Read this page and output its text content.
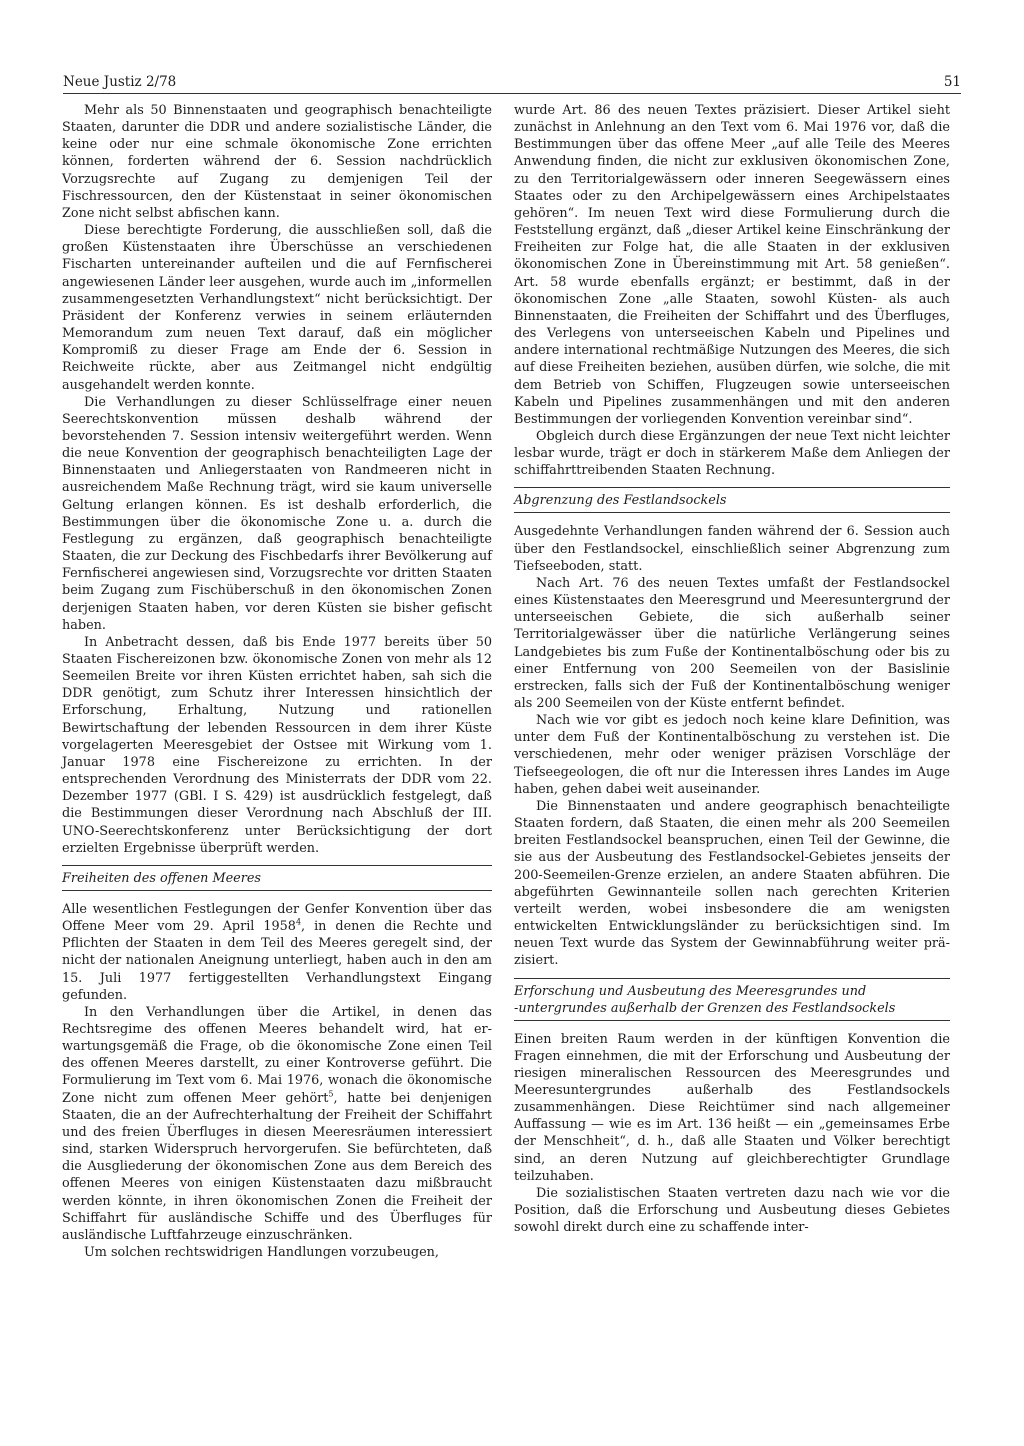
Neue Justiz 2/78	51

Mehr als 50 Binnenstaaten und geographisch benachteiligte Staaten, darunter die DDR und andere sozialistische Länder, die keine oder nur eine schmale ökonomische Zone errichten können, forderten während der 6. Session nachdrücklich Vorzugsrechte auf Zugang zu demjenigen Teil der Fischressourcen, den der Küstenstaat in seiner ökonomischen Zone nicht selbst abfischen kann.

Diese berechtigte Forderung, die ausschließen soll, daß die großen Küstenstaaten ihre Überschüsse an verschiedenen Fischarten untereinander aufteilen und die auf Fernfischerei angewiesenen Länder leer ausgehen, wurde auch im „informellen zusammengesetzten Verhandlungstext“ nicht berücksichtigt. Der Präsident der Konferenz verwies in seinem erläuternden Memorandum zum neuen Text darauf, daß ein möglicher Kompromiß zu dieser Frage am Ende der 6. Session in Reichweite rückte, aber aus Zeitmangel nicht endgültig ausgehandelt werden konnte.

Die Verhandlungen zu dieser Schlüsselfrage einer neuen Seerechtskonvention müssen deshalb während der bevorstehenden 7. Session intensiv weitergeführt werden. Wenn die neue Konvention der geographisch benachteiligten Lage der Binnenstaaten und Anliegerstaaten von Randmeeren nicht in ausreichendem Maße Rechnung trägt, wird sie kaum universelle Geltung erlangen können. Es ist deshalb erforderlich, die Bestimmungen über die ökonomische Zone u. a. durch die Festlegung zu ergänzen, daß geographisch benachteiligte Staaten, die zur Deckung des Fischbedarfs ihrer Bevölkerung auf Fernfischerei angewiesen sind, Vorzugsrechte vor dritten Staaten beim Zugang zum Fischüberschuß in den ökonomischen Zonen derjenigen Staaten haben, vor deren Küsten sie bisher gefischt haben.

In Anbetracht dessen, daß bis Ende 1977 bereits über 50 Staaten Fischereizonen bzw. ökonomische Zonen von mehr als 12 Seemeilen Breite vor ihren Küsten errichtet haben, sah sich die DDR genötigt, zum Schutz ihrer Interessen hinsichtlich der Erforschung, Erhaltung, Nutzung und rationellen Bewirtschaftung der lebenden Ressourcen in dem ihrer Küste vorgelagerten Meeresgebiet der Ostsee mit Wirkung vom 1. Januar 1978 eine Fischereizone zu errichten. In der entsprechenden Verordnung des Ministerrats der DDR vom 22. Dezember 1977 (GBl. I S. 429) ist ausdrücklich festgelegt, daß die Bestimmungen dieser Verordnung nach Abschluß der III. UNO-Seerechtskonferenz unter Berücksichtigung der dort erzielten Ergebnisse überprüft werden.

Freiheiten des offenen Meeres

Alle wesentlichen Festlegungen der Genfer Konvention über das Offene Meer vom 29. April 1958$^4$, in denen die Rechte und Pflichten der Staaten in dem Teil des Meeres geregelt sind, der nicht der nationalen Aneignung unterliegt, haben auch in den am 15. Juli 1977 fertiggestellten Verhandlungstext Eingang gefunden.

In den Verhandlungen über die Artikel, in denen das Rechtsregime des offenen Meeres behandelt wird, hat erwartungsgemäß die Frage, ob die ökonomische Zone einen Teil des offenen Meeres darstellt, zu einer Kontroverse geführt. Die Formulierung im Text vom 6. Mai 1976, wonach die ökonomische Zone nicht zum offenen Meer gehört$^5$, hatte bei denjenigen Staaten, die an der Aufrechterhaltung der Freiheit der Schiffahrt und des freien Überfluges in diesen Meeresräumen interessiert sind, starken Widerspruch hervorgerufen. Sie befürchteten, daß die Ausgliederung der ökonomischen Zone aus dem Bereich des offenen Meeres von einigen Küstenstaaten dazu mißbraucht werden könnte, in ihren ökonomischen Zonen die Freiheit der Schiffahrt für ausländische Schiffe und des Überfluges für ausländische Luftfahrzeuge einzuschränken.

Um solchen rechtswidrigen Handlungen vorzubeugen,

wurde Art. 86 des neuen Textes präzisiert. Dieser Artikel sieht zunächst in Anlehnung an den Text vom 6. Mai 1976 vor, daß die Bestimmungen über das offene Meer „auf alle Teile des Meeres Anwendung finden, die nicht zur exklusiven ökonomischen Zone, zu den Territorialgewässern oder inneren Seegewässern eines Staates oder zu den Archipelgewässern eines Archipelstaates gehören“. Im neuen Text wird diese Formulierung durch die Feststellung ergänzt, daß „dieser Artikel keine Einschränkung der Freiheiten zur Folge hat, die alle Staaten in der exklusiven ökonomischen Zone in Übereinstimmung mit Art. 58 genießen“. Art. 58 wurde ebenfalls ergänzt; er bestimmt, daß in der ökonomischen Zone „alle Staaten, sowohl Küsten- als auch Binnenstaaten, die Freiheiten der Schiffahrt und des Überfluges, des Verlegens von unterseeischen Kabeln und Pipelines und andere international rechtmäßige Nutzungen des Meeres, die sich auf diese Freiheiten beziehen, ausüben dürfen, wie solche, die mit dem Betrieb von Schiffen, Flugzeugen sowie unterseeischen Kabeln und Pipelines zusammenhängen und mit den anderen Bestimmungen der vorliegenden Konvention vereinbar sind“.

Obgleich durch diese Ergänzungen der neue Text nicht leichter lesbar wurde, trägt er doch in stärkerem Maße dem Anliegen der schiffahrttreibenden Staaten Rechnung.

Abgrenzung des Festlandsockels

Ausgedehnte Verhandlungen fanden während der 6. Session auch über den Festlandsockel, einschließlich seiner Abgrenzung zum Tiefseeboden, statt.

Nach Art. 76 des neuen Textes umfaßt der Festlandsockel eines Küstenstaates den Meeresgrund und Meeresuntergrund der unterseeischen Gebiete, die sich außerhalb seiner Territorialgewässer über die natürliche Verlängerung seines Landgebietes bis zum Fuße der Kontinentalböschung oder bis zu einer Entfernung von 200 Seemeilen von der Basislinie erstrecken, falls sich der Fuß der Kontinentalböschung weniger als 200 Seemeilen von der Küste entfernt befindet.

Nach wie vor gibt es jedoch noch keine klare Definition, was unter dem Fuß der Kontinentalböschung zu verstehen ist. Die verschiedenen, mehr oder weniger präzisen Vorschläge der Tiefseegeologen, die oft nur die Interessen ihres Landes im Auge haben, gehen dabei weit auseinander.

Die Binnenstaaten und andere geographisch benachteiligte Staaten fordern, daß Staaten, die einen mehr als 200 Seemeilen breiten Festlandsockel beanspruchen, einen Teil der Gewinne, die sie aus der Ausbeutung des Festlandsockel-Gebietes jenseits der 200-Seemeilen-Grenze erzielen, an andere Staaten abführen. Die abgeführten Gewinnanteile sollen nach gerechten Kriterien verteilt werden, wobei insbesondere die am wenigsten entwickelten Entwicklungsländer zu berücksichtigen sind. Im neuen Text wurde das System der Gewinnabführung weiter präzisiert.

Erforschung und Ausbeutung des Meeresgrundes und
-untergrundes außerhalb der Grenzen des Festlandsockels

Einen breiten Raum werden in der künftigen Konvention die Fragen einnehmen, die mit der Erforschung und Ausbeutung der riesigen mineralischen Ressourcen des Meeresgrundes und Meeresuntergrundes außerhalb des Festlandsockels zusammenhängen. Diese Reichtümer sind nach allgemeiner Auffassung — wie es im Art. 136 heißt — ein „gemeinsames Erbe der Menschheit“, d. h., daß alle Staaten und Völker berechtigt sind, an deren Nutzung auf gleichberechtigter Grundlage teilzuhaben.

Die sozialistischen Staaten vertreten dazu nach wie vor die Position, daß die Erforschung und Ausbeutung dieses Gebietes sowohl direkt durch eine zu schaffende inter-
